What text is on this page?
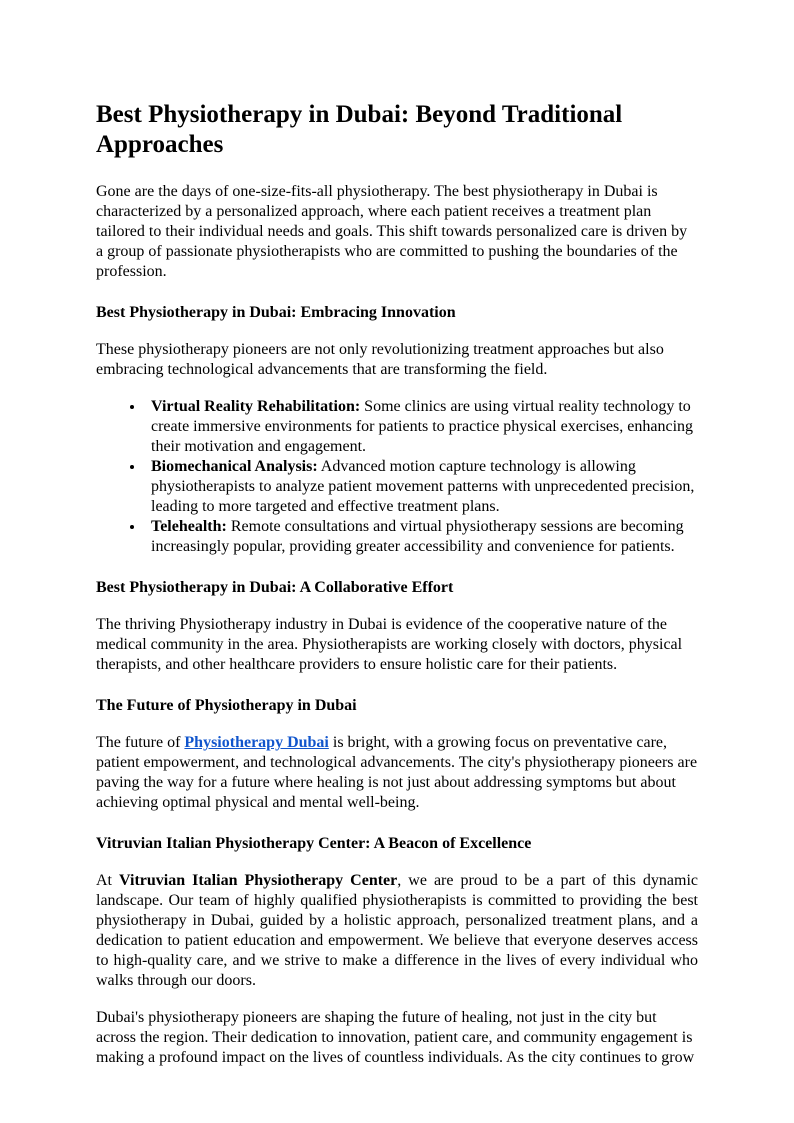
Best Physiotherapy in Dubai: Beyond Traditional Approaches

Gone are the days of one-size-fits-all physiotherapy. The best physiotherapy in Dubai is characterized by a personalized approach, where each patient receives a treatment plan tailored to their individual needs and goals. This shift towards personalized care is driven by a group of passionate physiotherapists who are committed to pushing the boundaries of the profession.

Best Physiotherapy in Dubai: Embracing Innovation

These physiotherapy pioneers are not only revolutionizing treatment approaches but also embracing technological advancements that are transforming the field.

• Virtual Reality Rehabilitation: Some clinics are using virtual reality technology to create immersive environments for patients to practice physical exercises, enhancing their motivation and engagement.
• Biomechanical Analysis: Advanced motion capture technology is allowing physiotherapists to analyze patient movement patterns with unprecedented precision, leading to more targeted and effective treatment plans.
• Telehealth: Remote consultations and virtual physiotherapy sessions are becoming increasingly popular, providing greater accessibility and convenience for patients.
Best Physiotherapy in Dubai: A Collaborative Effort

The thriving Physiotherapy industry in Dubai is evidence of the cooperative nature of the medical community in the area. Physiotherapists are working closely with doctors, physical therapists, and other healthcare providers to ensure holistic care for their patients.

The Future of Physiotherapy in Dubai

The future of Physiotherapy Dubai is bright, with a growing focus on preventative care, patient empowerment, and technological advancements. The city's physiotherapy pioneers are paving the way for a future where healing is not just about addressing symptoms but about achieving optimal physical and mental well-being.

Vitruvian Italian Physiotherapy Center: A Beacon of Excellence

At Vitruvian Italian Physiotherapy Center, we are proud to be a part of this dynamic landscape. Our team of highly qualified physiotherapists is committed to providing the best physiotherapy in Dubai, guided by a holistic approach, personalized treatment plans, and a dedication to patient education and empowerment. We believe that everyone deserves access to high-quality care, and we strive to make a difference in the lives of every individual who walks through our doors.

Dubai's physiotherapy pioneers are shaping the future of healing, not just in the city but across the region. Their dedication to innovation, patient care, and community engagement is making a profound impact on the lives of countless individuals. As the city continues to grow
